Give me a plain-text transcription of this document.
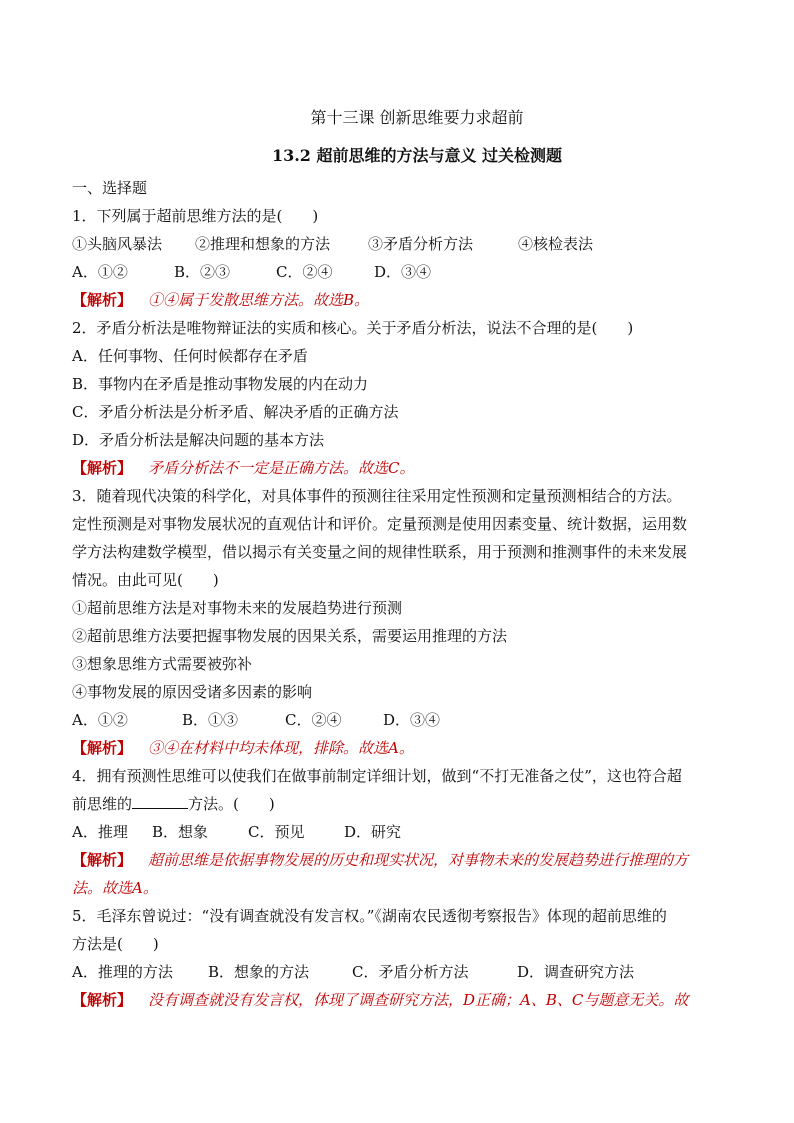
第十三课 创新思维要力求超前
13.2 超前思维的方法与意义 过关检测题
一、选择题
1．下列属于超前思维方法的是(　　)
①头脑风暴法 ②推理和想象的方法	③矛盾分析方法	④核检表法
A．①②	B．②③	C．②④	D．③④
【解析】 ①④属于发散思维方法。故选B。
2．矛盾分析法是唯物辩证法的实质和核心。关于矛盾分析法，说法不合理的是(　　)
A．任何事物、任何时候都存在矛盾
B．事物内在矛盾是推动事物发展的内在动力
C．矛盾分析法是分析矛盾、解决矛盾的正确方法
D．矛盾分析法是解决问题的基本方法
【解析】 矛盾分析法不一定是正确方法。故选C。
3．随着现代决策的科学化，对具体事件的预测往往采用定性预测和定量预测相结合的方法。
定性预测是对事物发展状况的直观估计和评价。定量预测是使用因素变量、统计数据，运用数
学方法构建数学模型，借以揭示有关变量之间的规律性联系，用于预测和推测事件的未来发展
情况。由此可见(　　)
①超前思维方法是对事物未来的发展趋势进行预测
②超前思维方法要把握事物发展的因果关系，需要运用推理的方法
③想象思维方式需要被弥补
④事物发展的原因受诸多因素的影响
A．①②	B．①③	C．②④	D．③④
【解析】 ③④在材料中均未体现，排除。故选A。
4．拥有预测性思维可以使我们在做事前制定详细计划，做到“不打无准备之仗”，这也符合超
前思维的	方法。(　　)
A．推理 B．想象	C．预见	D．研究
【解析】 超前思维是依据事物发展的历史和现实状况，对事物未来的发展趋势进行推理的方
法。故选A。
5．毛泽东曾说过：“没有调查就没有发言权。”《湖南农民透彻考察报告》体现的超前思维的
方法是(　　)
A．推理的方法 B．想象的方法	C．矛盾分析方法	D．调查研究方法
【解析】 没有调查就没有发言权，体现了调查研究方法，D正确；A、B、C与题意无关。故
